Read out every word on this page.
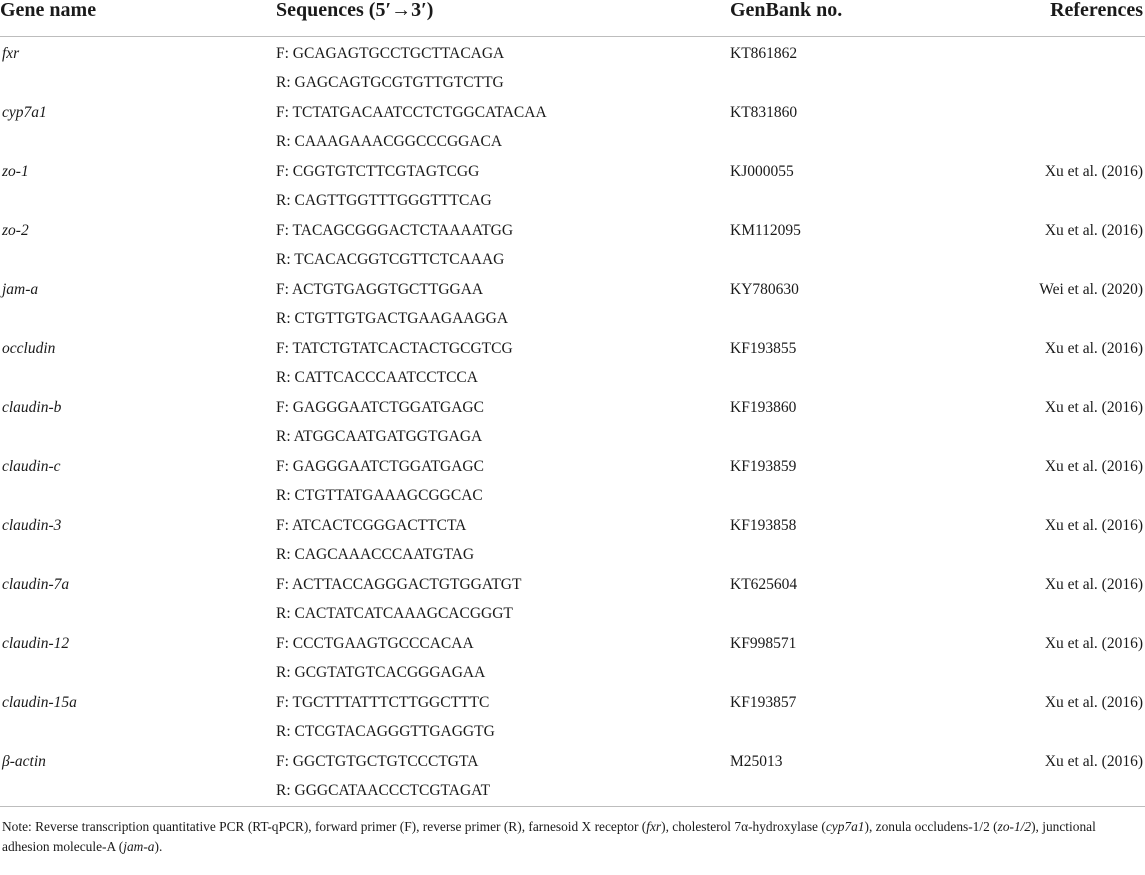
Gene name	Sequences (5′→3′)	GenBank no.	References
fxr	F: GCAGAGTGCCTGCTTACAGA	KT861862	
	R: GAGCAGTGCGTGTTGTCTTG		
cyp7a1	F: TCTATGACAATCCTCTGGCATACAA	KT831860	
	R: CAAAGAAACGGCCCGGACA		
zo-1	F: CGGTGTCTTCGTAGTCGG	KJ000055	Xu et al. (2016)
	R: CAGTTGGTTTGGGTTTCAG		
zo-2	F: TACAGCGGGACTCTAAAATGG	KM112095	Xu et al. (2016)
	R: TCACACGGTCGTTCTCAAAG		
jam-a	F: ACTGTGAGGTGCTTGGAA	KY780630	Wei et al. (2020)
	R: CTGTTGTGACTGAAGAAGGA		
occludin	F: TATCTGTATCACTACTGCGTCG	KF193855	Xu et al. (2016)
	R: CATTCACCCAATCCTCCA		
claudin-b	F: GAGGGAATCTGGATGAGC	KF193860	Xu et al. (2016)
	R: ATGGCAATGATGGTGAGA		
claudin-c	F: GAGGGAATCTGGATGAGC	KF193859	Xu et al. (2016)
	R: CTGTTATGAAAGCGGCAC		
claudin-3	F: ATCACTCGGGACTTCTA	KF193858	Xu et al. (2016)
	R: CAGCAAACCCAATGTAG		
claudin-7a	F: ACTTACCAGGGACTGTGGATGT	KT625604	Xu et al. (2016)
	R: CACTATCATCAAAGCACGGGT		
claudin-12	F: CCCTGAAGTGCCCACAA	KF998571	Xu et al. (2016)
	R: GCGTATGTCACGGGAGAA		
claudin-15a	F: TGCTTTATTTCTTGGCTTTC	KF193857	Xu et al. (2016)
	R: CTCGTACAGGGTTGAGGTG		
β-actin	F: GGCTGTGCTGTCCCTGTA	M25013	Xu et al. (2016)
	R: GGGCATAACCCTCGTAGAT		

Note: Reverse transcription quantitative PCR (RT-qPCR), forward primer (F), reverse primer (R), farnesoid X receptor (fxr), cholesterol 7α-hydroxylase (cyp7a1), zonula occludens-1/2 (zo-1/2), junctional adhesion molecule-A (jam-a).
